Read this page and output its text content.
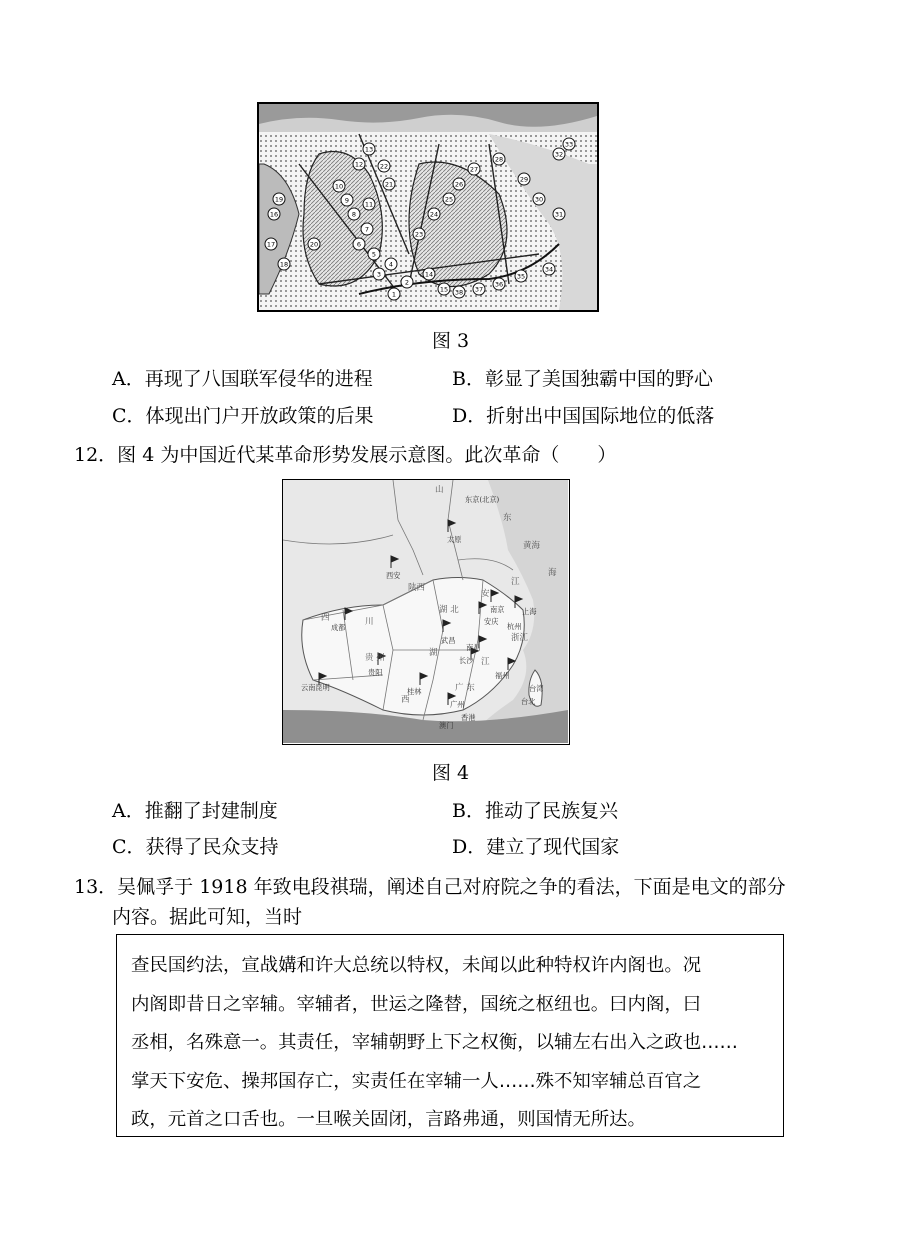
1
2
3
4
5
6
7
8
9
10
11
12
13
14
15
16
17
18
19
20
21
22
23
24
25
26
27
28
29
30
31
32
33
34
35
36
37
38
图 3
A．再现了八国联军侵华的进程	B．彰显了美国独霸中国的野心
C．体现出门户开放政策的后果	D．折射出中国国际地位的低落
12．图 4 为中国近代某革命形势发展示意图。此次革命（　　）
东京(北京)
太原
西安
成都
南京 上海
安庆
杭州
武昌
南昌
长沙
福州
贵阳
云南昆明	桂林
广州
香港
澳门
台湾
台北
黄海
海
山
东
陕西
四	川
湖 北
湖
江
浙江
贵 州
西
广 东
江
安
图 4
A．推翻了封建制度	B．推动了民族复兴
C．获得了民众支持	D．建立了现代国家
13．吴佩孚于 1918 年致电段祺瑞，阐述自己对府院之争的看法，下面是电文的部分
内容。据此可知，当时
查民国约法，宣战媾和许大总统以特权，未闻以此种特权许内阁也。况
内阁即昔日之宰辅。宰辅者，世运之隆替，国统之枢纽也。曰内阁，曰
丞相，名殊意一。其责任，宰辅朝野上下之权衡，以辅左右出入之政也……
掌天下安危、操邦国存亡，实责任在宰辅一人……殊不知宰辅总百官之
政，元首之口舌也。一旦喉关固闭，言路弗通，则国情无所达。
